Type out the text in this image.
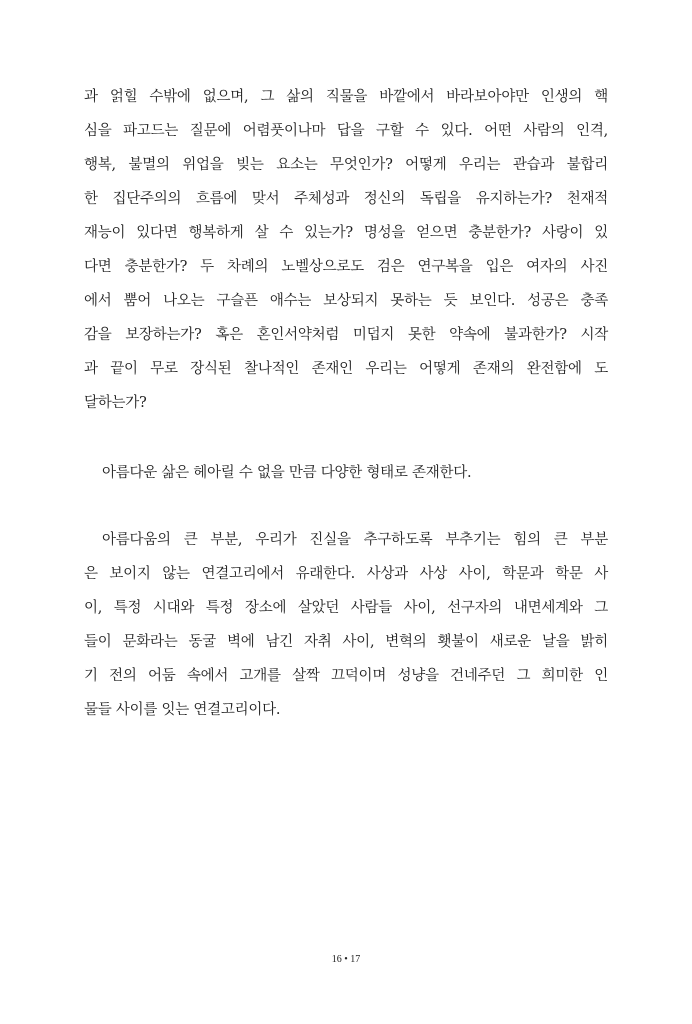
과 얽힐 수밖에 없으며, 그 삶의 직물을 바깥에서 바라보아야만 인생의 핵
심을 파고드는 질문에 어렴풋이나마 답을 구할 수 있다. 어떤 사람의 인격,
행복, 불멸의 위업을 빚는 요소는 무엇인가? 어떻게 우리는 관습과 불합리
한 집단주의의 흐름에 맞서 주체성과 정신의 독립을 유지하는가? 천재적
재능이 있다면 행복하게 살 수 있는가? 명성을 얻으면 충분한가? 사랑이 있
다면 충분한가? 두 차례의 노벨상으로도 검은 연구복을 입은 여자의 사진
에서 뿜어 나오는 구슬픈 애수는 보상되지 못하는 듯 보인다. 성공은 충족
감을 보장하는가? 혹은 혼인서약처럼 미덥지 못한 약속에 불과한가? 시작
과 끝이 무로 장식된 찰나적인 존재인 우리는 어떻게 존재의 완전함에 도
달하는가?
아름다운 삶은 헤아릴 수 없을 만큼 다양한 형태로 존재한다.
아름다움의 큰 부분, 우리가 진실을 추구하도록 부추기는 힘의 큰 부분
은 보이지 않는 연결고리에서 유래한다. 사상과 사상 사이, 학문과 학문 사
이, 특정 시대와 특정 장소에 살았던 사람들 사이, 선구자의 내면세계와 그
들이 문화라는 동굴 벽에 남긴 자취 사이, 변혁의 횃불이 새로운 날을 밝히
기 전의 어둠 속에서 고개를 살짝 끄덕이며 성냥을 건네주던 그 희미한 인
물들 사이를 잇는 연결고리이다.
16 • 17
